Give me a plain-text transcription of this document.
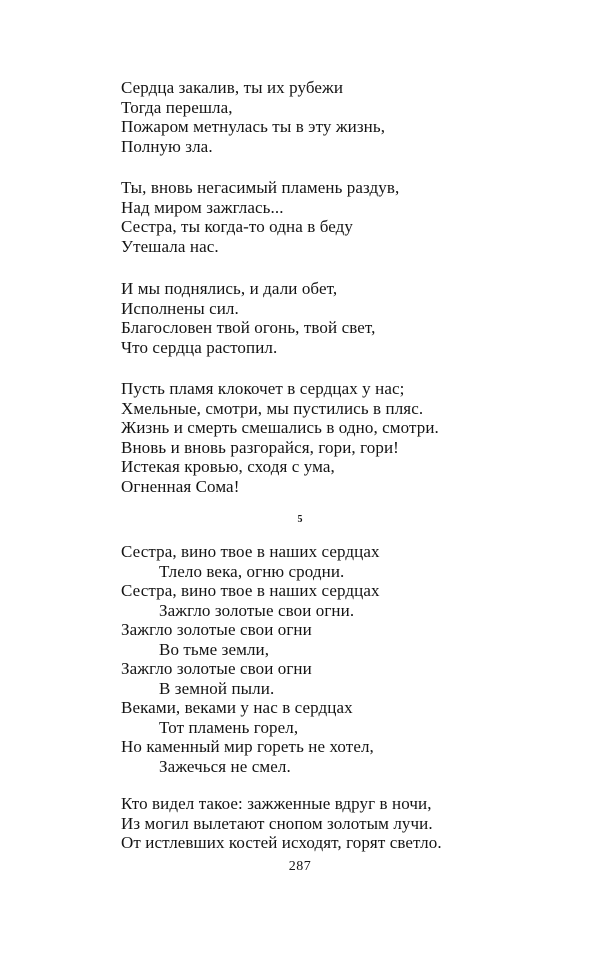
Сердца закалив, ты их рубежи
Тогда перешла,
Пожаром метнулась ты в эту жизнь,
Полную зла.
Ты, вновь негасимый пламень раздув,
Над миром зажглась...
Сестра, ты когда-то одна в беду
Утешала нас.
И мы поднялись, и дали обет,
Исполнены сил.
Благословен твой огонь, твой свет,
Что сердца растопил.
Пусть пламя клокочет в сердцах у нас;
Хмельные, смотри, мы пустились в пляс.
Жизнь и смерть смешались в одно, смотри.
Вновь и вновь разгорайся, гори, гори!
Истекая кровью, сходя с ума,
Огненная Сома!
5
Сестра, вино твое в наших сердцах
Тлело века, огню сродни.
Сестра, вино твое в наших сердцах
Зажгло золотые свои огни.
Зажгло золотые свои огни
Во тьме земли,
Зажгло золотые свои огни
В земной пыли.
Веками, веками у нас в сердцах
Тот пламень горел,
Но каменный мир гореть не хотел,
Зажечься не смел.
Кто видел такое: зажженные вдруг в ночи,
Из могил вылетают снопом золотым лучи.
От истлевших костей исходят, горят светло.
287
